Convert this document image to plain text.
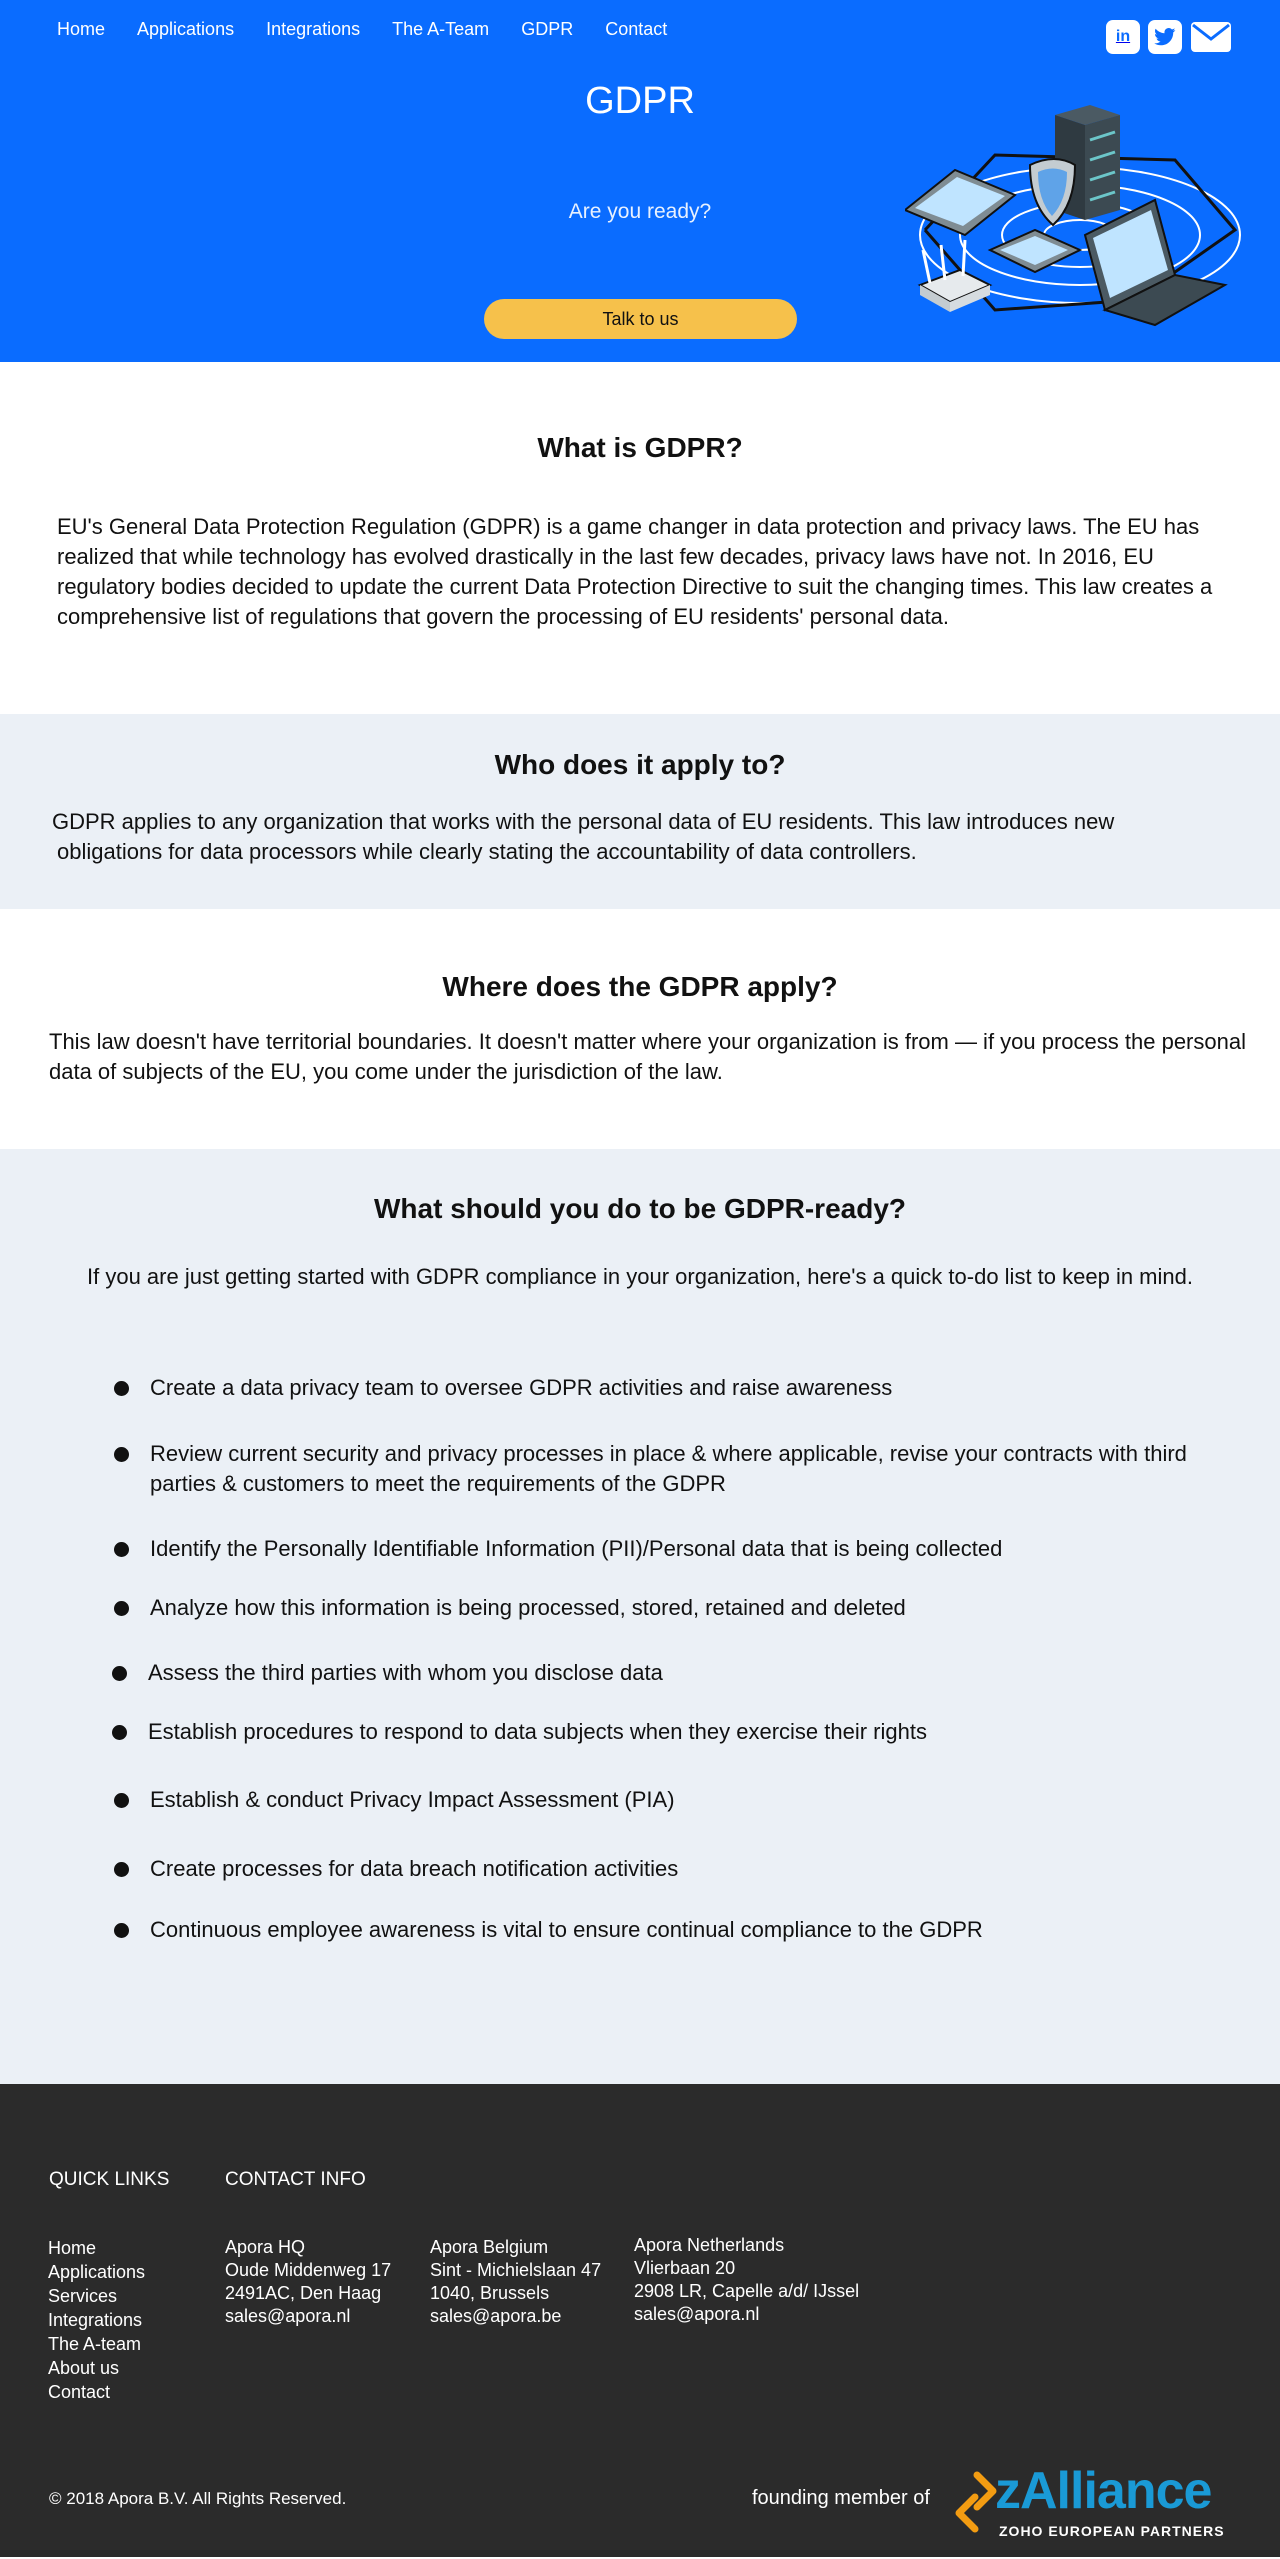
Home Applications Integrations The A-Team GDPR Contact	in
GDPR

Are you ready?

Talk to us
What is GDPR?

EU's General Data Protection Regulation (GDPR) is a game changer in data protection and privacy laws. The EU has realized that while technology has evolved drastically in the last few decades, privacy laws have not. In 2016, EU regulatory bodies decided to update the current Data Protection Directive to suit the changing times. This law creates a comprehensive list of regulations that govern the processing of EU residents' personal data.

Who does it apply to?

GDPR applies to any organization that works with the personal data of EU residents. This law introduces new

obligations for data processors while clearly stating the accountability of data controllers.

Where does the GDPR apply?

This law doesn't have territorial boundaries. It doesn't matter where your organization is from — if you process the personal data of subjects of the EU, you come under the jurisdiction of the law.

What should you do to be GDPR-ready?

If you are just getting started with GDPR compliance in your organization, here's a quick to-do list to keep in mind.

Create a data privacy team to oversee GDPR activities and raise awareness
Review current security and privacy processes in place & where applicable, revise your contracts with third parties & customers to meet the requirements of the GDPR
Identify the Personally Identifiable Information (PII)/Personal data that is being collected
Analyze how this information is being processed, stored, retained and deleted
Assess the third parties with whom you disclose data
Establish procedures to respond to data subjects when they exercise their rights
Establish & conduct Privacy Impact Assessment (PIA)
Create processes for data breach notification activities
Continuous employee awareness is vital to ensure continual compliance to the GDPR
QUICK LINKS	CONTACT INFO
Home
Applications
Services
Integrations
The A-team
About us
Contact
Apora HQ
Oude Middenweg 17
2491AC, Den Haag
sales@apora.nl
Apora Belgium
Sint - Michielslaan 47
1040, Brussels
sales@apora.be
Apora Netherlands
Vlierbaan 20
2908 LR, Capelle a/d/ IJssel
sales@apora.nl

© 2018 Apora B.V. All Rights Reserved.	founding member of zAlliance
ZOHO EUROPEAN PARTNERS
